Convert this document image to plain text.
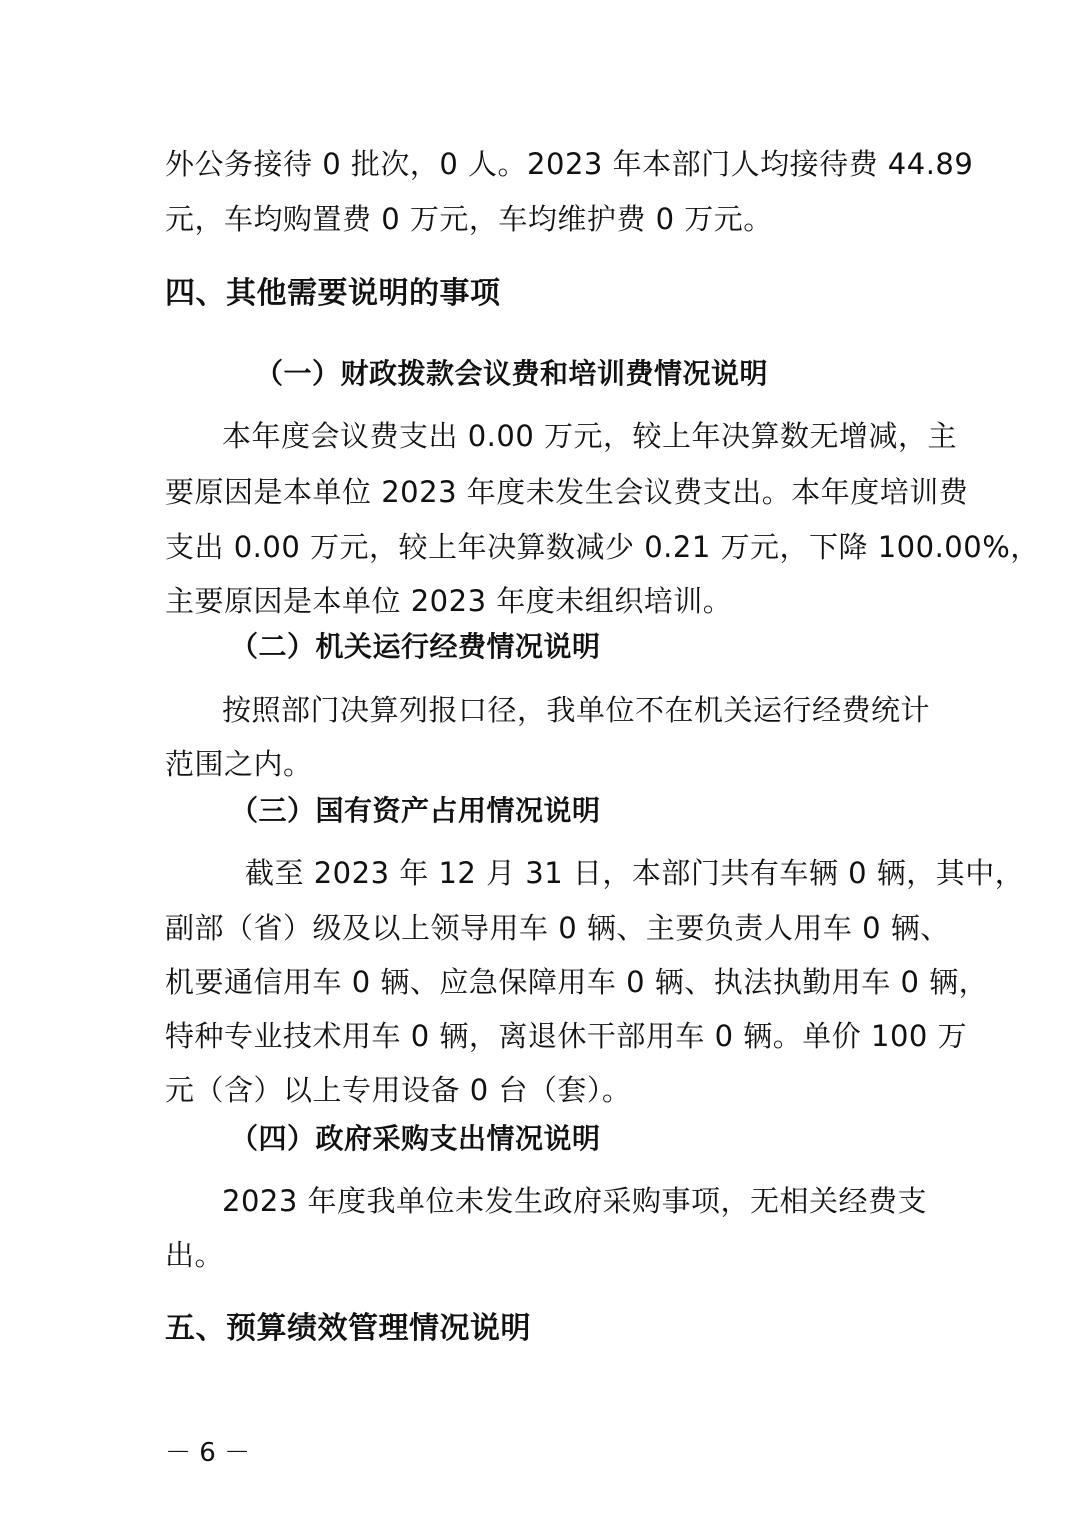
外公务接待 0 批次，0 人。2023 年本部门人均接待费 44.89
元，车均购置费 0 万元，车均维护费 0 万元。
四、其他需要说明的事项
（一）财政拨款会议费和培训费情况说明
本年度会议费支出 0.00 万元，较上年决算数无增减，主
要原因是本单位 2023 年度未发生会议费支出。本年度培训费
支出 0.00 万元，较上年决算数减少 0.21 万元，下降 100.00%，
主要原因是本单位 2023 年度未组织培训。
（二）机关运行经费情况说明
按照部门决算列报口径，我单位不在机关运行经费统计
范围之内。
（三）国有资产占用情况说明
截至 2023 年 12 月 31 日，本部门共有车辆 0 辆，其中，
副部（省）级及以上领导用车 0 辆、主要负责人用车 0 辆、
机要通信用车 0 辆、应急保障用车 0 辆、执法执勤用车 0 辆，
特种专业技术用车 0 辆，离退休干部用车 0 辆。单价 100 万
元（含）以上专用设备 0 台（套）。
（四）政府采购支出情况说明
2023 年度我单位未发生政府采购事项，无相关经费支
出。
五、预算绩效管理情况说明
－ 6 －
